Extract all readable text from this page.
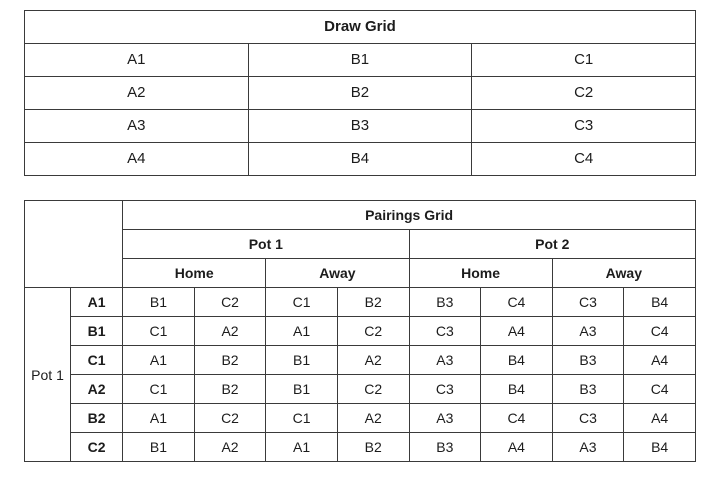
Draw Grid		
A1	B1	C1
A2	B2	C2
A3	B3	C3
A4	B4	C4
		Pairings Grid							
		Pot 1				Pot 2			
		Home		Away		Home		Away	
Pot 1	A1	B1	C2	C1	B2	B3	C4	C3	B4
	B1	C1	A2	A1	C2	C3	A4	A3	C4
	C1	A1	B2	B1	A2	A3	B4	B3	A4
	A2	C1	B2	B1	C2	C3	B4	B3	C4
	B2	A1	C2	C1	A2	A3	C4	C3	A4
	C2	B1	A2	A1	B2	B3	A4	A3	B4
